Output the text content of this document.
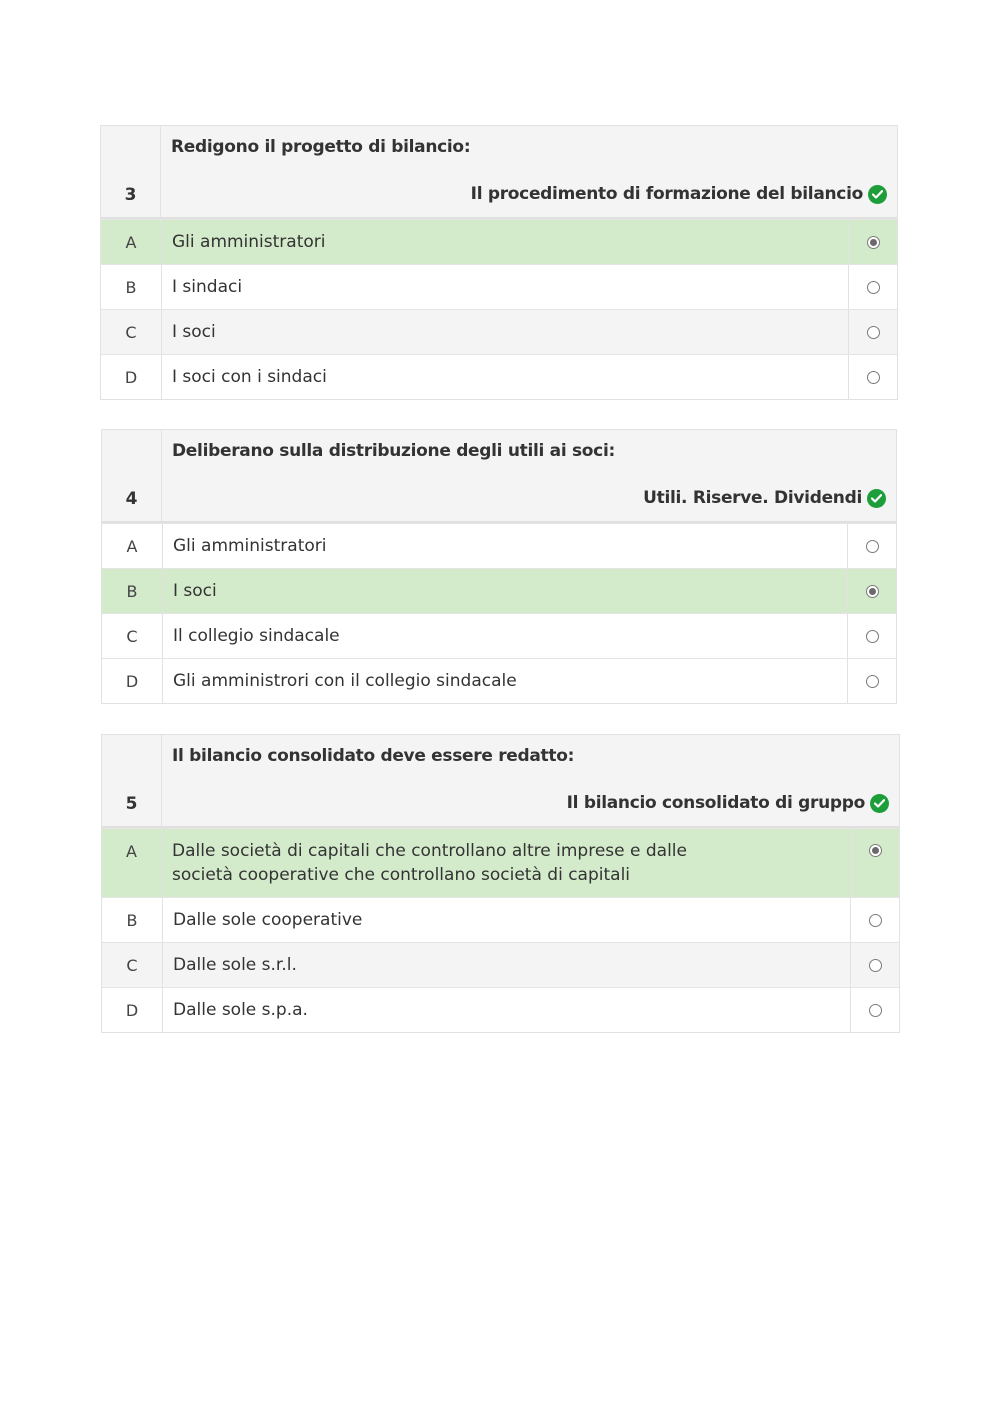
3
Redigono il progetto di bilancio:
Il procedimento di formazione del bilancio
A	Gli amministratori
B	I sindaci
C	I soci
D	I soci con i sindaci
4
Deliberano sulla distribuzione degli utili ai soci:
Utili. Riserve. Dividendi
A	Gli amministratori
B	I soci
C	Il collegio sindacale
D	Gli amministrori con il collegio sindacale
5
Il bilancio consolidato deve essere redatto:
Il bilancio consolidato di gruppo
A	Dalle società di capitali che controllano altre imprese e dalle società cooperative che controllano società di capitali
B	Dalle sole cooperative
C	Dalle sole s.r.l.
D	Dalle sole s.p.a.
